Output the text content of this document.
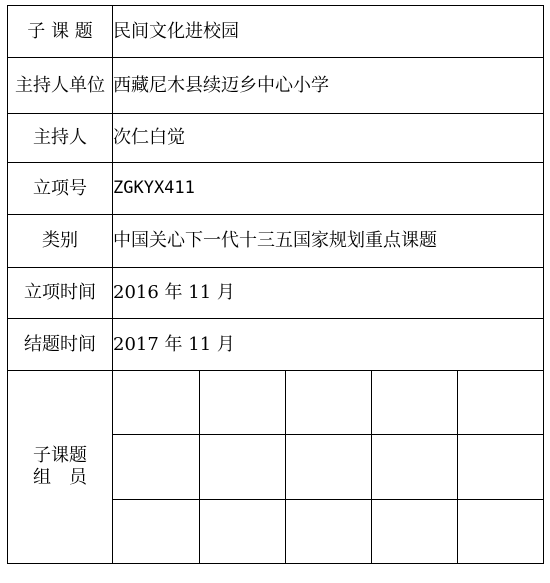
子 课 题	民间文化进校园
主持人单位	西藏尼木县续迈乡中心小学
主持人	次仁白觉
立项号	ZGKYX411
类别	中国关心下一代十三五国家规划重点课题
立项时间	2016 年 11 月
结题时间	2017 年 11 月

子课题
组　员
